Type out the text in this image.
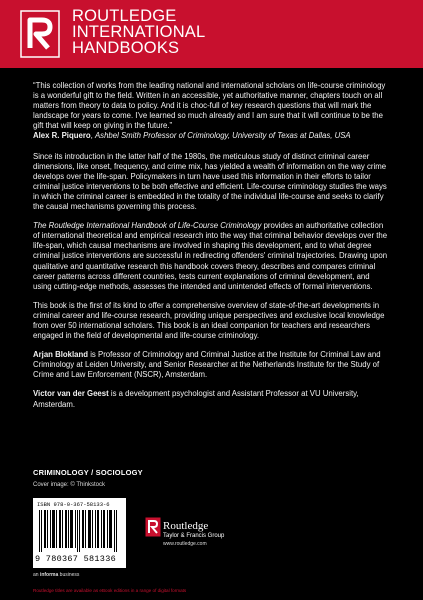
ROUTLEDGE
INTERNATIONAL
HANDBOOKS
“This collection of works from the leading national and international scholars on life-course criminology is a wonderful gift to the field. Written in an accessible, yet authoritative manner, chapters touch on all matters from theory to data to policy. And it is choc-full of key research questions that will mark the landscape for years to come. I've learned so much already and I am sure that it will continue to be the gift that will keep on giving in the future.”
Alex R. Piquero, Ashbel Smith Professor of Criminology, University of Texas at Dallas, USA

Since its introduction in the latter half of the 1980s, the meticulous study of distinct criminal career dimensions, like onset, frequency, and crime mix, has yielded a wealth of information on the way crime develops over the life-span. Policymakers in turn have used this information in their efforts to tailor criminal justice interventions to be both effective and efficient. Life-course criminology studies the ways in which the criminal career is embedded in the totality of the individual life-course and seeks to clarify the causal mechanisms governing this process.

The Routledge International Handbook of Life-Course Criminology provides an authoritative collection of international theoretical and empirical research into the way that criminal behavior develops over the life-span, which causal mechanisms are involved in shaping this development, and to what degree criminal justice interventions are successful in redirecting offenders' criminal trajectories. Drawing upon qualitative and quantitative research this handbook covers theory, describes and compares criminal career patterns across different countries, tests current explanations of criminal development, and using cutting-edge methods, assesses the intended and unintended effects of formal interventions.

This book is the first of its kind to offer a comprehensive overview of state-of-the-art developments in criminal career and life-course research, providing unique perspectives and exclusive local knowledge from over 50 international scholars. This book is an ideal companion for teachers and researchers engaged in the field of developmental and life-course criminology.

Arjan Blokland is Professor of Criminology and Criminal Justice at the Institute for Criminal Law and Criminology at Leiden University, and Senior Researcher at the Netherlands Institute for the Study of Crime and Law Enforcement (NSCR), Amsterdam.

Victor van der Geest is a development psychologist and Assistant Professor at VU University, Amsterdam.

CRIMINOLOGY / SOCIOLOGY
Cover image: © Thinkstock
ISBN 978-0-367-58133-6
9 780367 581336
an informa business
Routledge
Taylor & Francis Group
www.routledge.com
Routledge titles are available as eBook editions in a range of digital formats
